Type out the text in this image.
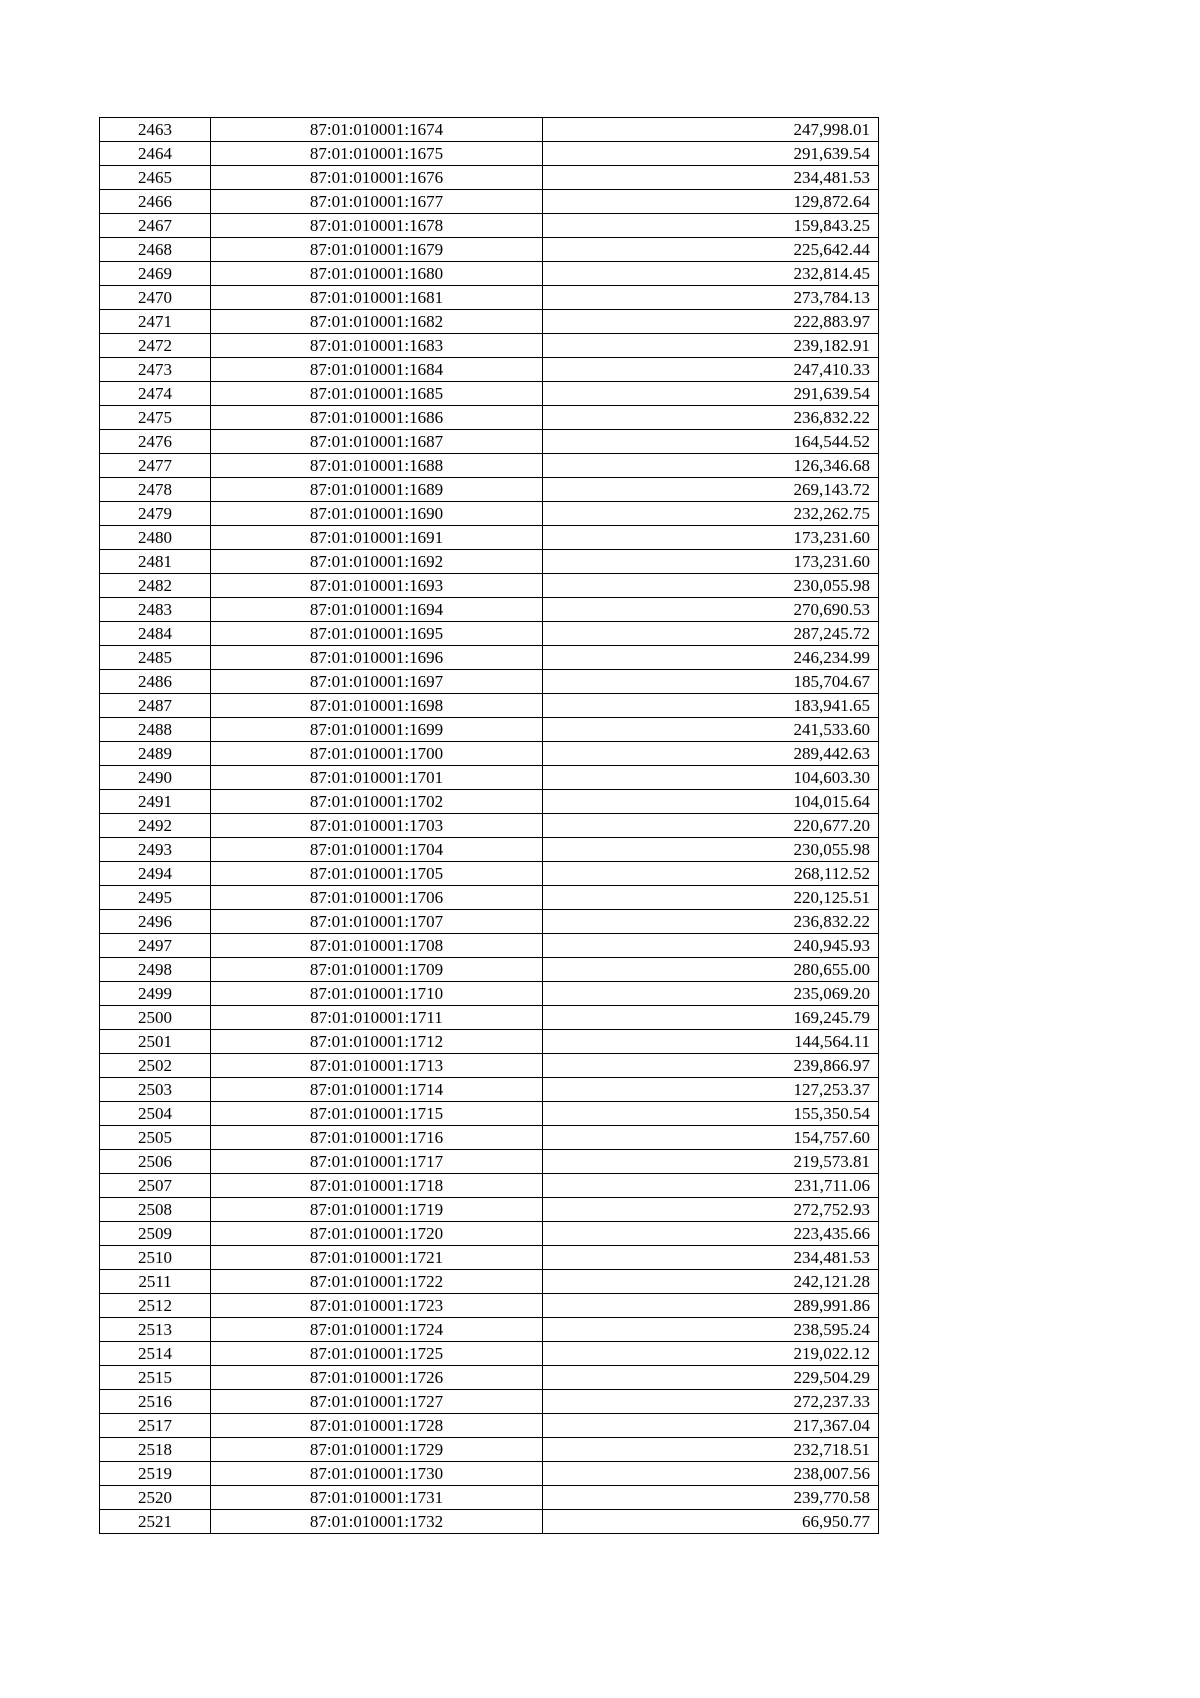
2463	87:01:010001:1674	247,998.01
2464	87:01:010001:1675	291,639.54
2465	87:01:010001:1676	234,481.53
2466	87:01:010001:1677	129,872.64
2467	87:01:010001:1678	159,843.25
2468	87:01:010001:1679	225,642.44
2469	87:01:010001:1680	232,814.45
2470	87:01:010001:1681	273,784.13
2471	87:01:010001:1682	222,883.97
2472	87:01:010001:1683	239,182.91
2473	87:01:010001:1684	247,410.33
2474	87:01:010001:1685	291,639.54
2475	87:01:010001:1686	236,832.22
2476	87:01:010001:1687	164,544.52
2477	87:01:010001:1688	126,346.68
2478	87:01:010001:1689	269,143.72
2479	87:01:010001:1690	232,262.75
2480	87:01:010001:1691	173,231.60
2481	87:01:010001:1692	173,231.60
2482	87:01:010001:1693	230,055.98
2483	87:01:010001:1694	270,690.53
2484	87:01:010001:1695	287,245.72
2485	87:01:010001:1696	246,234.99
2486	87:01:010001:1697	185,704.67
2487	87:01:010001:1698	183,941.65
2488	87:01:010001:1699	241,533.60
2489	87:01:010001:1700	289,442.63
2490	87:01:010001:1701	104,603.30
2491	87:01:010001:1702	104,015.64
2492	87:01:010001:1703	220,677.20
2493	87:01:010001:1704	230,055.98
2494	87:01:010001:1705	268,112.52
2495	87:01:010001:1706	220,125.51
2496	87:01:010001:1707	236,832.22
2497	87:01:010001:1708	240,945.93
2498	87:01:010001:1709	280,655.00
2499	87:01:010001:1710	235,069.20
2500	87:01:010001:1711	169,245.79
2501	87:01:010001:1712	144,564.11
2502	87:01:010001:1713	239,866.97
2503	87:01:010001:1714	127,253.37
2504	87:01:010001:1715	155,350.54
2505	87:01:010001:1716	154,757.60
2506	87:01:010001:1717	219,573.81
2507	87:01:010001:1718	231,711.06
2508	87:01:010001:1719	272,752.93
2509	87:01:010001:1720	223,435.66
2510	87:01:010001:1721	234,481.53
2511	87:01:010001:1722	242,121.28
2512	87:01:010001:1723	289,991.86
2513	87:01:010001:1724	238,595.24
2514	87:01:010001:1725	219,022.12
2515	87:01:010001:1726	229,504.29
2516	87:01:010001:1727	272,237.33
2517	87:01:010001:1728	217,367.04
2518	87:01:010001:1729	232,718.51
2519	87:01:010001:1730	238,007.56
2520	87:01:010001:1731	239,770.58
2521	87:01:010001:1732	66,950.77
